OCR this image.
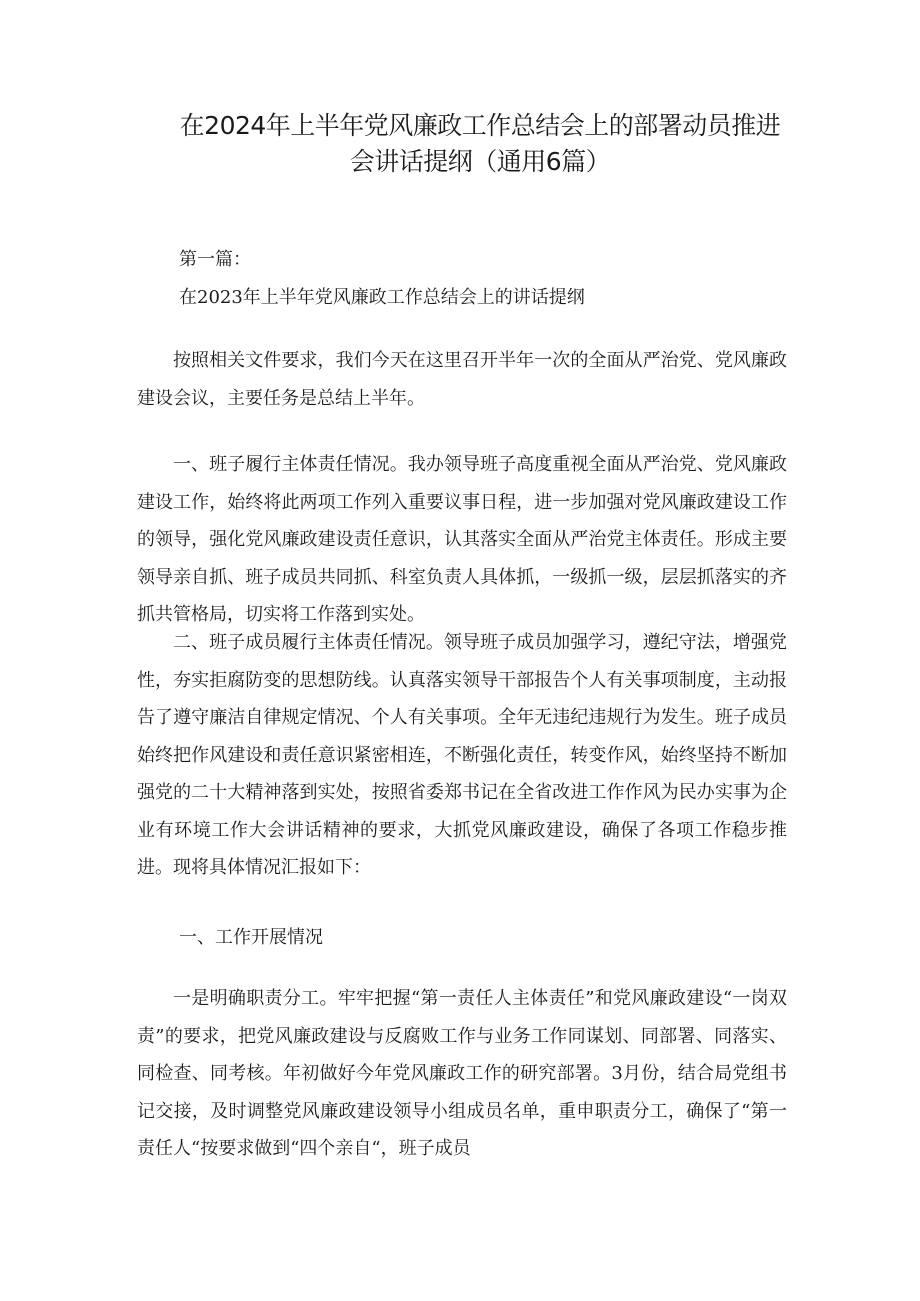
在2024年上半年党风廉政工作总结会上的部署动员推进
会讲话提纲（通用6篇）
第一篇：
在2023年上半年党风廉政工作总结会上的讲话提纲

按照相关文件要求，我们今天在这里召开半年一次的全面从严治党、党风廉政建设会议，主要任务是总结上半年。

一、班子履行主体责任情况。我办领导班子高度重视全面从严治党、党风廉政建设工作，始终将此两项工作列入重要议事日程，进一步加强对党风廉政建设工作的领导，强化党风廉政建设责任意识，认其落实全面从严治党主体责任。形成主要领导亲自抓、班子成员共同抓、科室负责人具体抓，一级抓一级，层层抓落实的齐抓共管格局，切实将工作落到实处。

二、班子成员履行主体责任情况。领导班子成员加强学习，遵纪守法，增强党性，夯实拒腐防变的思想防线。认真落实领导干部报告个人有关事项制度，主动报告了遵守廉洁自律规定情况、个人有关事项。全年无违纪违规行为发生。班子成员始终把作风建设和责任意识紧密相连，不断强化责任，转变作风，始终坚持不断加强党的二十大精神落到实处，按照省委郑书记在全省改进工作作风为民办实事为企业有环境工作大会讲话精神的要求，大抓党风廉政建设，确保了各项工作稳步推进。现将具体情况汇报如下：

一、工作开展情况

一是明确职责分工。牢牢把握“第一责任人主体责任”和党风廉政建设“一岗双责”的要求，把党风廉政建设与反腐败工作与业务工作同谋划、同部署、同落实、同检查、同考核。年初做好今年党风廉政工作的研究部署。3月份，结合局党组书记交接，及时调整党风廉政建设领导小组成员名单，重申职责分工，确保了“第一责任人“按要求做到“四个亲自“，班子成员
